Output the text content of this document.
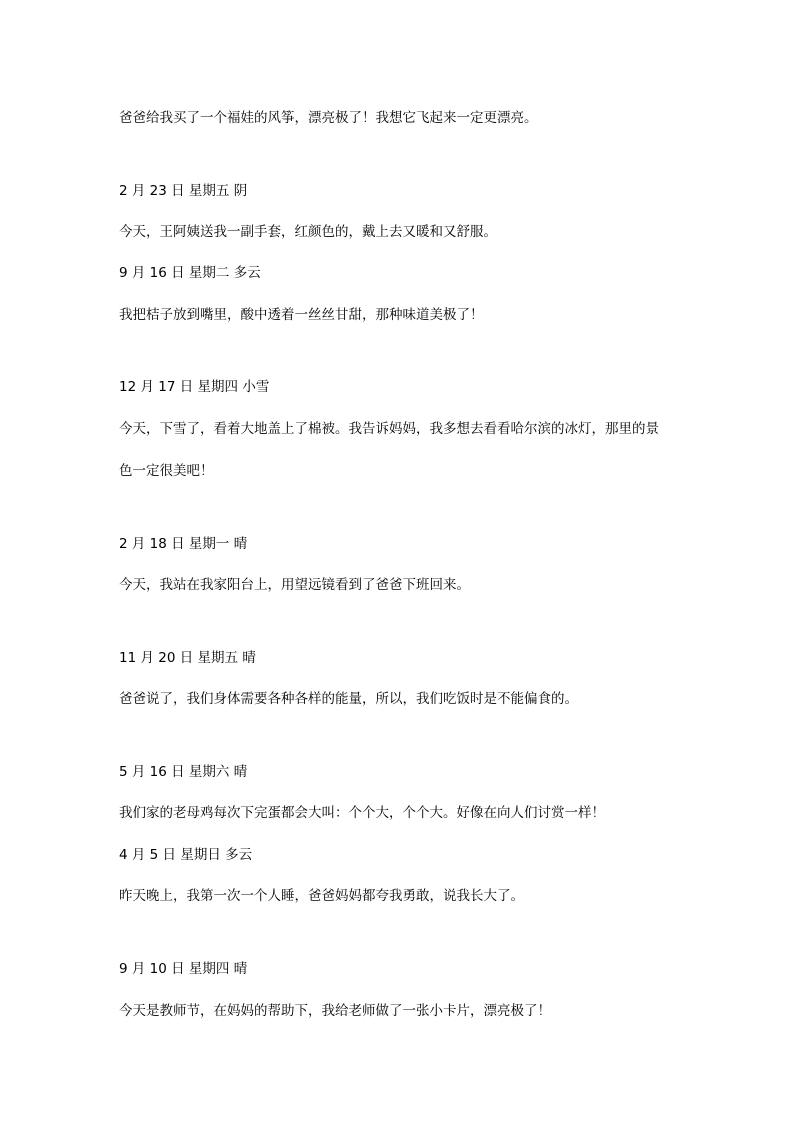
爸爸给我买了一个福娃的风筝，漂亮极了！我想它飞起来一定更漂亮。
2 月 23 日 星期五 阴
今天，王阿姨送我一副手套，红颜色的，戴上去又暖和又舒服。
9 月 16 日 星期二 多云
我把桔子放到嘴里，酸中透着一丝丝甘甜，那种味道美极了！
12 月 17 日 星期四 小雪
今天，下雪了，看着大地盖上了棉被。我告诉妈妈，我多想去看看哈尔滨的冰灯，那里的景
色一定很美吧！
2 月 18 日 星期一 晴
今天，我站在我家阳台上，用望远镜看到了爸爸下班回来。
11 月 20 日 星期五 晴
爸爸说了，我们身体需要各种各样的能量，所以，我们吃饭时是不能偏食的。
5 月 16 日 星期六 晴
我们家的老母鸡每次下完蛋都会大叫：个个大，个个大。好像在向人们讨赏一样！
4 月 5 日 星期日 多云
昨天晚上，我第一次一个人睡，爸爸妈妈都夸我勇敢，说我长大了。
9 月 10 日 星期四 晴
今天是教师节，在妈妈的帮助下，我给老师做了一张小卡片，漂亮极了！
